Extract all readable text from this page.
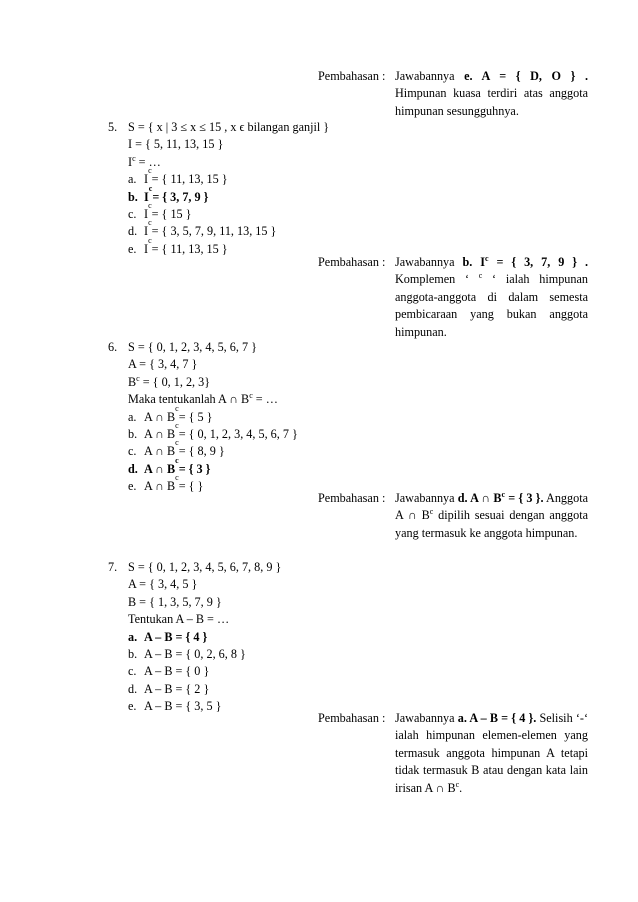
Pembahasan : Jawabannya e. A = { D, O } . Himpunan kuasa terdiri atas anggota himpunan sesungguhnya.
5. S = { x | 3 ≤ x ≤ 15 , x ϵ bilangan ganjil }
I = { 5, 11, 13, 15 }
$I^c$ = …
a. I
c
= { 11, 13, 15 }
b. I
c
= { 3, 7, 9 }
c. I
c
= { 15 }
d. I
c
= { 3, 5, 7, 9, 11, 13, 15 }
e. I
c
= { 11, 13, 15 }
Pembahasan : Jawabannya b. $I^c$ = { 3, 7, 9 } . Komplemen ‘ $^c$ ‘ ialah himpunan anggota-anggota di dalam semesta pembicaraan yang bukan anggota himpunan.
6. S = { 0, 1, 2, 3, 4, 5, 6, 7 }
A = { 3, 4, 7 }
$B^c$ = { 0, 1, 2, 3}
Maka tentukanlah A ∩ $B^c$ = …
a. A ∩ B
c
= { 5 }
b. A ∩ B
c
= { 0, 1, 2, 3, 4, 5, 6, 7 }
c. A ∩ B
c
= { 8, 9 }
d. A ∩ B
c
= { 3 }
e. A ∩ B
c
= { }
Pembahasan : Jawabannya d. A ∩ $B^c$ = { 3 }. Anggota A ∩ $B^c$ dipilih sesuai dengan anggota yang termasuk ke anggota himpunan.
7. S = { 0, 1, 2, 3, 4, 5, 6, 7, 8, 9 }
A = { 3, 4, 5 }
B = { 1, 3, 5, 7, 9 }
Tentukan A – B = …
a. A – B = { 4 }
b. A – B = { 0, 2, 6, 8 }
c. A – B = { 0 }
d. A – B = { 2 }
e. A – B = { 3, 5 }
Pembahasan : Jawabannya a. A – B = { 4 }. Selisih ‘-‘ ialah himpunan elemen-elemen yang termasuk anggota himpunan A tetapi tidak termasuk B atau dengan kata lain irisan A ∩ $B^c$.
